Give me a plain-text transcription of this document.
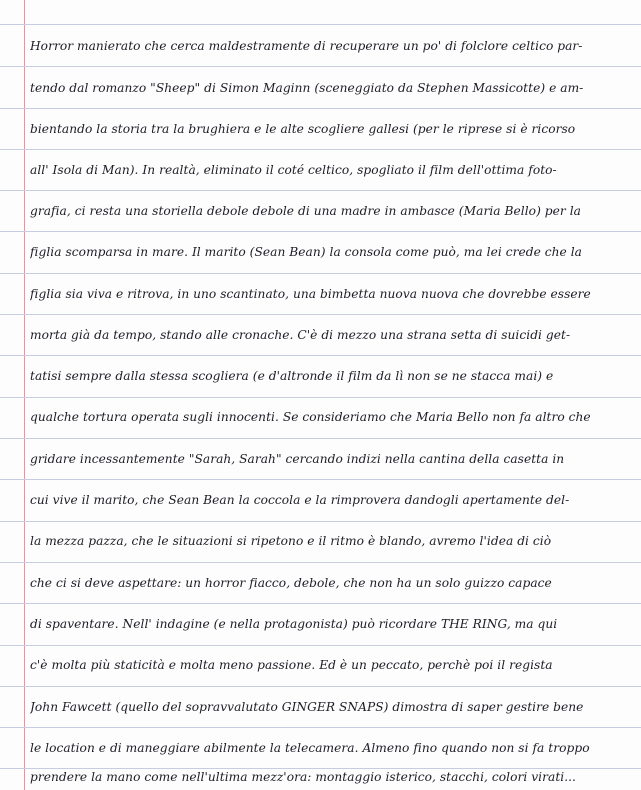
Horror manierato che cerca maldestramente di recuperare un po' di folclore celtico par-
tendo dal romanzo "Sheep" di Simon Maginn (sceneggiato da Stephen Massicotte) e am-
bientando la storia tra la brughiera e le alte scogliere gallesi (per le riprese si è ricorso
all' Isola di Man). In realtà, eliminato il coté celtico, spogliato il film dell'ottima foto-
grafia, ci resta una storiella debole debole di una madre in ambasce (Maria Bello) per la
figlia scomparsa in mare. Il marito (Sean Bean) la consola come può, ma lei crede che la
figlia sia viva e ritrova, in uno scantinato, una bimbetta nuova nuova che dovrebbe essere
morta già da tempo, stando alle cronache. C'è di mezzo una strana setta di suicidi get-
tatisi sempre dalla stessa scogliera (e d'altronde il film da lì non se ne stacca mai) e
qualche tortura operata sugli innocenti. Se consideriamo che Maria Bello non fa altro che
gridare incessantemente "Sarah, Sarah" cercando indizi nella cantina della casetta in
cui vive il marito, che Sean Bean la coccola e la rimprovera dandogli apertamente del-
la mezza pazza, che le situazioni si ripetono e il ritmo è blando, avremo l'idea di ciò
che ci si deve aspettare: un horror fiacco, debole, che non ha un solo guizzo capace
di spaventare. Nell' indagine (e nella protagonista) può ricordare THE RING, ma qui
c'è molta più staticità e molta meno passione. Ed è un peccato, perchè poi il regista
John Fawcett (quello del sopravvalutato GINGER SNAPS) dimostra di saper gestire bene
le location e di maneggiare abilmente la telecamera. Almeno fino quando non si fa troppo
prendere la mano come nell'ultima mezz'ora: montaggio isterico, stacchi, colori virati...
